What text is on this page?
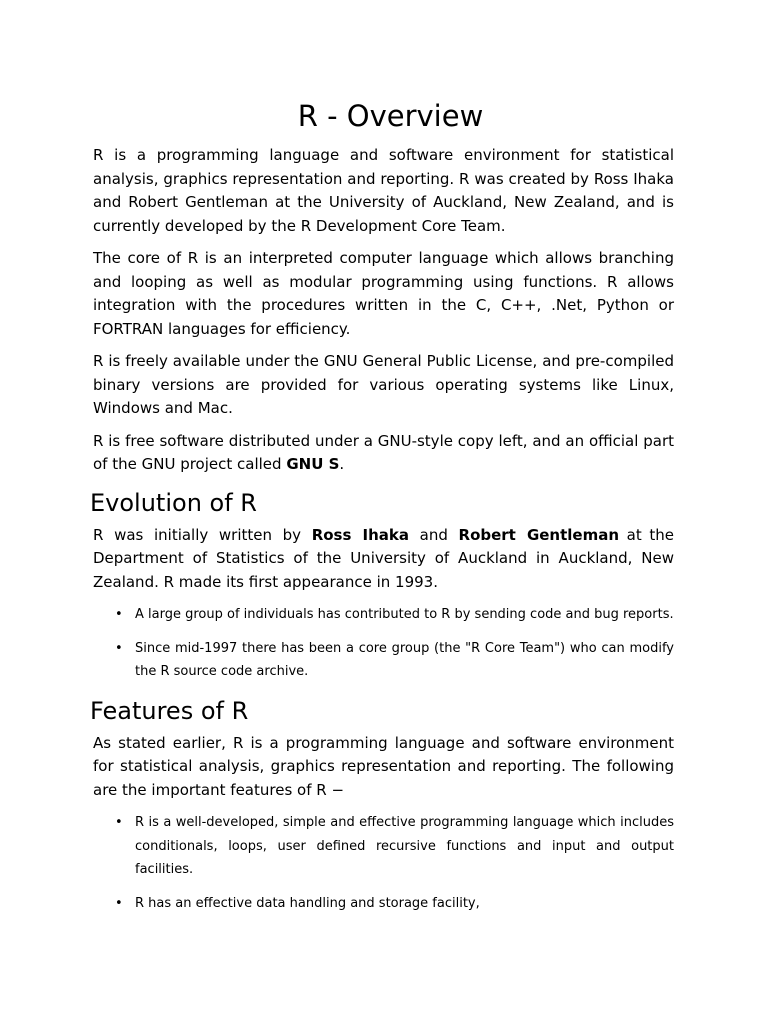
R - Overview

R is a programming language and software environment for statistical analysis, graphics representation and reporting. R was created by Ross Ihaka and Robert Gentleman at the University of Auckland, New Zealand, and is currently developed by the R Development Core Team.

The core of R is an interpreted computer language which allows branching and looping as well as modular programming using functions. R allows integration with the procedures written in the C, C++, .Net, Python or FORTRAN languages for efficiency.

R is freely available under the GNU General Public License, and pre-compiled binary versions are provided for various operating systems like Linux, Windows and Mac.

R is free software distributed under a GNU-style copy left, and an official part of the GNU project called GNU S.

Evolution of R

R was initially written by Ross Ihaka and Robert Gentleman at the Department of Statistics of the University of Auckland in Auckland, New Zealand. R made its first appearance in 1993.

• A large group of individuals has contributed to R by sending code and bug reports.
• Since mid-1997 there has been a core group (the "R Core Team") who can modify the R source code archive.
Features of R

As stated earlier, R is a programming language and software environment for statistical analysis, graphics representation and reporting. The following are the important features of R −

• R is a well-developed, simple and effective programming language which includes conditionals, loops, user defined recursive functions and input and output facilities.
• R has an effective data handling and storage facility,
